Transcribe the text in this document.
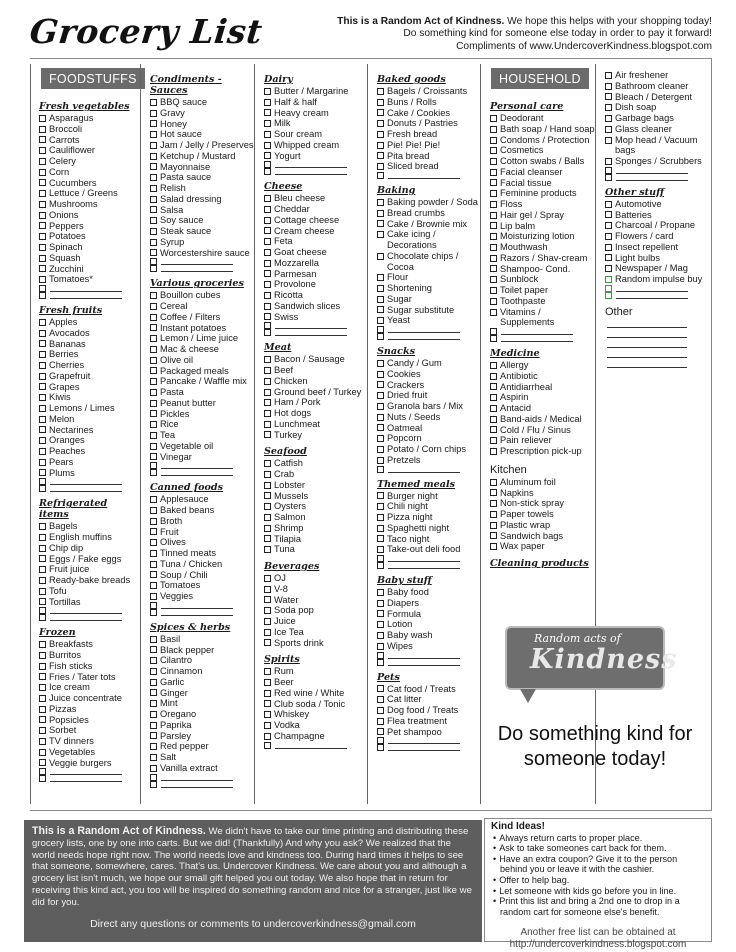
Grocery List	This is a Random Act of Kindness. We hope this helps with your shopping today!
Do something kind for someone else today in order to pay it forward!
Compliments of www.UndercoverKindness.blogspot.com
FOODSTUFFS
Fresh vegetables
Asparagus
Broccoli
Carrots
Cauliflower
Celery
Corn
Cucumbers
Lettuce / Greens
Mushrooms
Onions
Peppers
Potatoes
Spinach
Squash
Zucchini
Tomatoes*
Fresh fruits
Apples
Avocados
Bananas
Berries
Cherries
Grapefruit
Grapes
Kiwis
Lemons / Limes
Melon
Nectarines
Oranges
Peaches
Pears
Plums
Refrigerated items
Bagels
English muffins
Chip dip
Eggs / Fake eggs
Fruit juice
Ready-bake breads
Tofu
Tortillas
Frozen
Breakfasts
Burritos
Fish sticks
Fries / Tater tots
Ice cream
Juice concentrate
Pizzas
Popsicles
Sorbet
TV dinners
Vegetables
Veggie burgers
Condiments - Sauces
BBQ sauce
Gravy
Honey
Hot sauce
Jam / Jelly / Preserves
Ketchup / Mustard
Mayonnaise
Pasta sauce
Relish
Salad dressing
Salsa
Soy sauce
Steak sauce
Syrup
Worcestershire sauce
Various groceries
Bouillon cubes
Cereal
Coffee / Filters
Instant potatoes
Lemon / Lime juice
Mac & cheese
Olive oil
Packaged meals
Pancake / Waffle mix
Pasta
Peanut butter
Pickles
Rice
Tea
Vegetable oil
Vinegar
Canned foods
Applesauce
Baked beans
Broth
Fruit
Olives
Tinned meats
Tuna / Chicken
Soup / Chili
Tomatoes
Veggies
Spices & herbs
Basil
Black pepper
Cilantro
Cinnamon
Garlic
Ginger
Mint
Oregano
Paprika
Parsley
Red pepper
Salt
Vanilla extract
Dairy
Butter / Margarine
Half & half
Heavy cream
Milk
Sour cream
Whipped cream
Yogurt
Cheese
Bleu cheese
Cheddar
Cottage cheese
Cream cheese
Feta
Goat cheese
Mozzarella
Parmesan
Provolone
Ricotta
Sandwich slices
Swiss
Meat
Bacon / Sausage
Beef
Chicken
Ground beef / Turkey
Ham / Pork
Hot dogs
Lunchmeat
Turkey
Seafood
Catfish
Crab
Lobster
Mussels
Oysters
Salmon
Shrimp
Tilapia
Tuna
Beverages
OJ
V-8
Water
Soda pop
Juice
Ice Tea
Sports drink
Spirits
Rum
Beer
Red wine / White
Club soda / Tonic
Whiskey
Vodka
Champagne
Baked goods
Bagels / Croissants
Buns / Rolls
Cake / Cookies
Donuts / Pastries
Fresh bread
Pie! Pie! Pie!
Pita bread
Sliced bread
Baking
Baking powder / Soda
Bread crumbs
Cake / Brownie mix
Cake icing / Decorations
Chocolate chips / Cocoa
Flour
Shortening
Sugar
Sugar substitute
Yeast
Snacks
Candy / Gum
Cookies
Crackers
Dried fruit
Granola bars / Mix
Nuts / Seeds
Oatmeal
Popcorn
Potato / Corn chips
Pretzels
Themed meals
Burger night
Chili night
Pizza night
Spaghetti night
Taco night
Take-out deli food
Baby stuff
Baby food
Diapers
Formula
Lotion
Baby wash
Wipes
Pets
Cat food / Treats
Cat litter
Dog food / Treats
Flea treatment
Pet shampoo
HOUSEHOLD
Personal care
Deodorant
Bath soap / Hand soap
Condoms / Protection
Cosmetics
Cotton swabs / Balls
Facial cleanser
Facial tissue
Feminine products
Floss
Hair gel / Spray
Lip balm
Moisturizing lotion
Mouthwash
Razors / Shav-cream
Shampoo- Cond.
Sunblock
Toilet paper
Toothpaste
Vitamins / Supplements
Medicine
Allergy
Antibiotic
Antidiarrheal
Aspirin
Antacid
Band-aids / Medical
Cold / Flu / Sinus
Pain reliever
Prescription pick-up
Kitchen
Aluminum foil
Napkins
Non-stick spray
Paper towels
Plastic wrap
Sandwich bags
Wax paper
Cleaning products
Air freshener
Bathroom cleaner
Bleach / Detergent
Dish soap
Garbage bags
Glass cleaner
Mop head / Vacuum bags
Sponges / Scrubbers
Other stuff
Automotive
Batteries
Charcoal / Propane
Flowers / card
Insect repellent
Light bulbs
Newspaper / Mag
Random impulse buy
Other
Random acts of
Kindness
Do something kind for someone today!
This is a Random Act of Kindness. We didn't have to take our time printing and distributing these grocery lists, one by one into carts. But we did! (Thankfully) And why you ask? We realized that the world needs hope right now. The world needs love and kindness too. During hard times it helps to see that someone, somewhere, cares. That's us. Undercover Kindness. We care about you and although a grocery list isn't much, we hope our small gift helped you out today. We also hope that in return for receiving this kind act, you too will be inspired do something random and nice for a stranger, just like we did for you.
Direct any questions or comments to undercoverkindness@gmail.com
Kind Ideas!
• Always return carts to proper place.
• Ask to take someones cart back for them.
• Have an extra coupon? Give it to the person behind you or leave it with the cashier.
• Offer to help bag.
• Let someone with kids go before you in line.
• Print this list and bring a 2nd one to drop in a random cart for someone else's benefit.
Another free list can be obtained at
http://undercoverkindness.blogspot.com
